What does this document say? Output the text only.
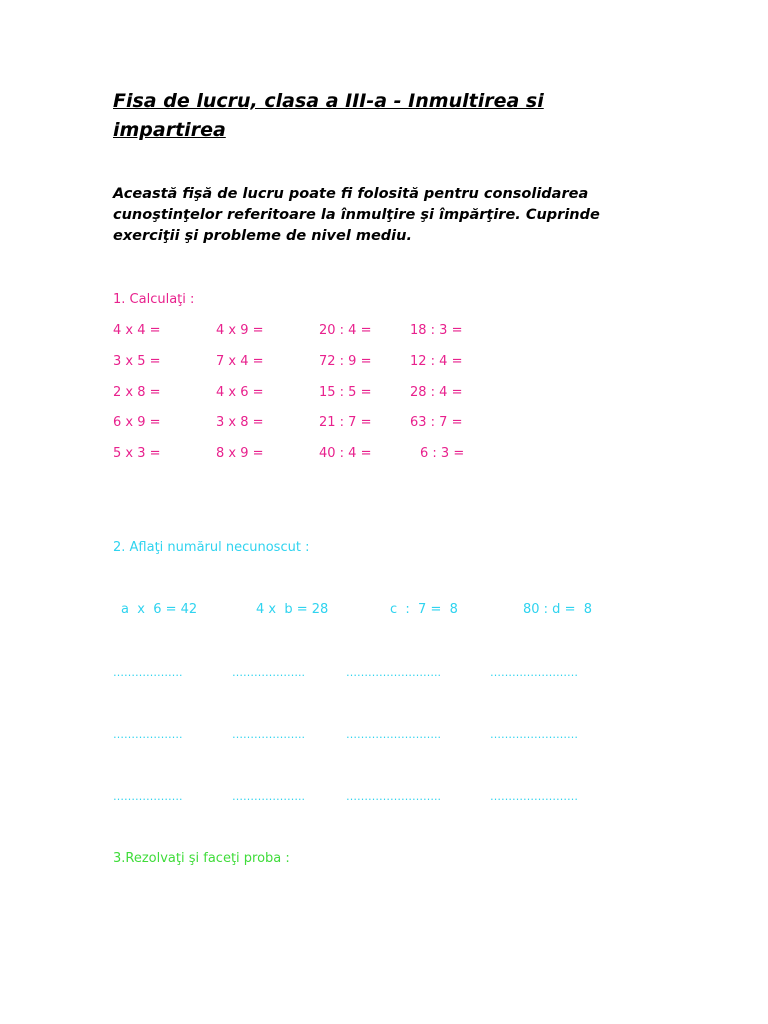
Fisa de lucru, clasa a III-a - Inmultirea si impartirea
Această fişă de lucru poate fi folosită pentru consolidarea cunoştinţelor referitoare la înmulţire şi împărţire. Cuprinde exerciţii şi probleme de nivel mediu.
1. Calculaţi :
4 x 4 =	4 x 9 =	20 : 4 =	18 : 3 =
3 x 5 =	7 x 4 =	72 : 9 =	12 : 4 =
2 x 8 =	4 x 6 =	15 : 5 =	28 : 4 =
6 x 9 =	3 x 8 =	21 : 7 =	63 : 7 =
5 x 3 =	8 x 9 =	40 : 4 =	6 : 3 =
2. Aflaţi numărul necunoscut :
a  x  6 = 42	4 x  b = 28	c  :  7 =  8	80 : d =  8
……………….	………………..	……………………..	……………………
……………….	………………..	……………………..	……………………
……………….	………………..	……………………..	……………………
3.Rezolvaţi şi faceţi proba :
